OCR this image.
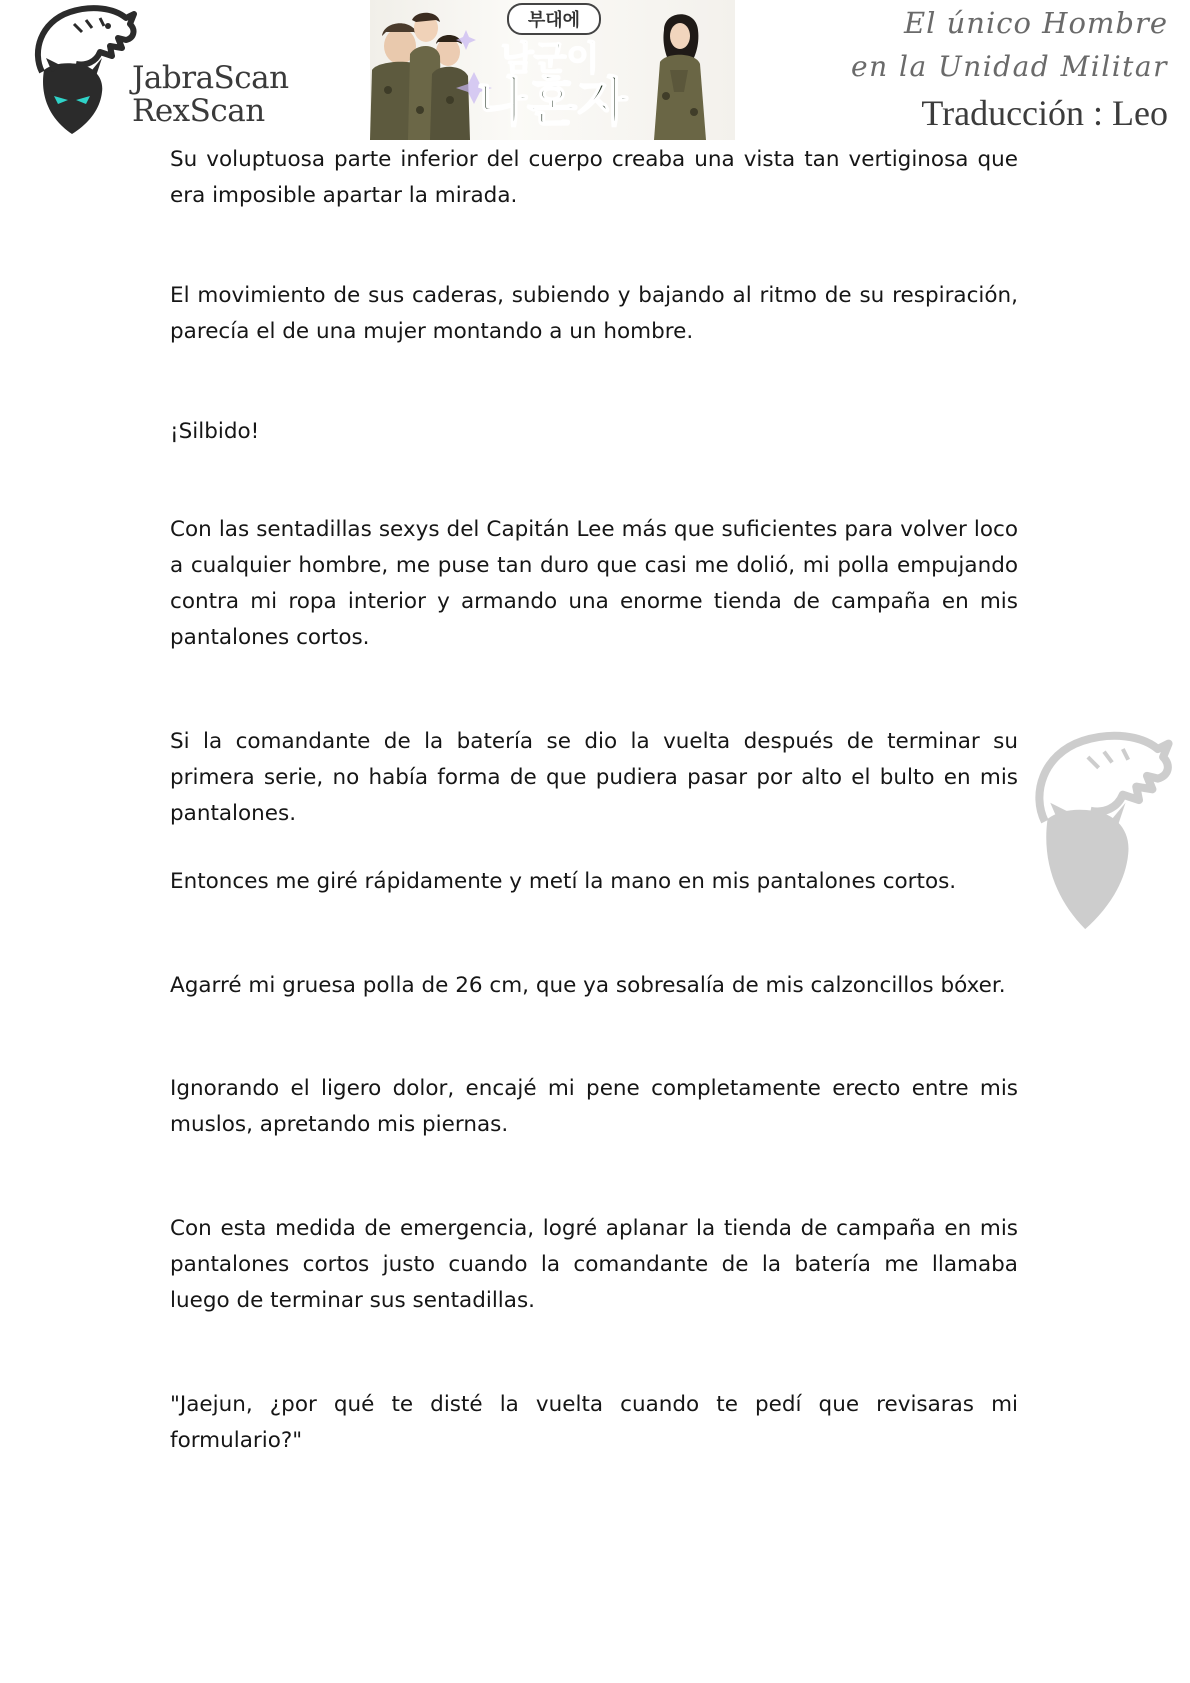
JabraScan
RexScan
부대에
남군이
나혼자
El único Hombre
en la Unidad Militar
Traducción : Leo

Su voluptuosa parte inferior del cuerpo creaba una vista tan vertiginosa que era imposible apartar la mirada.

El movimiento de sus caderas, subiendo y bajando al ritmo de su respiración, parecía el de una mujer montando a un hombre.

¡Silbido!

Con las sentadillas sexys del Capitán Lee más que suficientes para volver loco a cualquier hombre, me puse tan duro que casi me dolió, mi polla empujando contra mi ropa interior y armando una enorme tienda de campaña en mis pantalones cortos.

Si la comandante de la batería se dio la vuelta después de terminar su primera serie, no había forma de que pudiera pasar por alto el bulto en mis pantalones.

Entonces me giré rápidamente y metí la mano en mis pantalones cortos.

Agarré mi gruesa polla de 26 cm, que ya sobresalía de mis calzoncillos bóxer.

Ignorando el ligero dolor, encajé mi pene completamente erecto entre mis muslos, apretando mis piernas.

Con esta medida de emergencia, logré aplanar la tienda de campaña en mis pantalones cortos justo cuando la comandante de la batería me llamaba luego de terminar sus sentadillas.

"Jaejun, ¿por qué te disté la vuelta cuando te pedí que revisaras mi formulario?"
